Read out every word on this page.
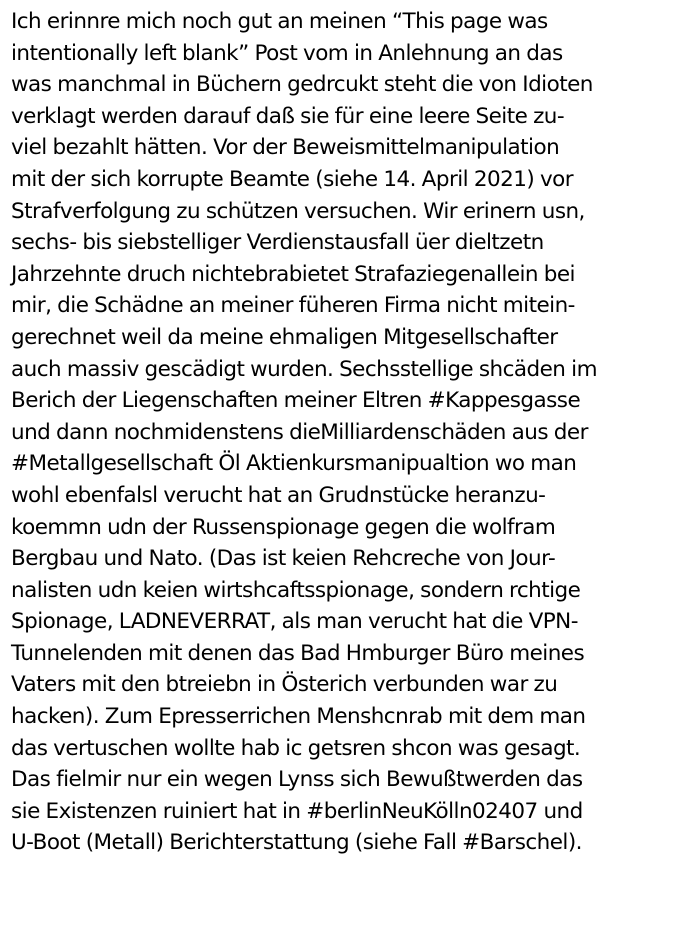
Ich erinnre mich noch gut an meinen “This page was
intentionally left blank” Post vom in Anlehnung an das
was manchmal in Büchern gedrcukt steht die von Idioten
verklagt werden darauf daß sie für eine leere Seite zu-
viel bezahlt hätten. Vor der Beweismittelmanipulation
mit der sich korrupte Beamte (siehe 14. April 2021) vor
Strafverfolgung zu schützen versuchen. Wir erinern usn,
sechs- bis siebstelliger Verdienstausfall üer dieltzetn
Jahrzehnte druch nichtebrabietet Strafaziegenallein bei
mir, die Schädne an meiner füheren Firma nicht mitein-
gerechnet weil da meine ehmaligen Mitgesellschafter
auch massiv gescädigt wurden. Sechsstellige shcäden im
Berich der Liegenschaften meiner Eltren #Kappesgasse
und dann nochmidenstens dieMilliardenschäden aus der
#Metallgesellschaft Öl Aktienkursmanipualtion wo man
wohl ebenfalsl verucht hat an Grudnstücke heranzu-
koemmn udn der Russenspionage gegen die wolfram
Bergbau und Nato. (Das ist keien Rehcreche von Jour-
nalisten udn keien wirtshcaftsspionage, sondern rchtige
Spionage, LADNEVERRAT, als man verucht hat die VPN-
Tunnelenden mit denen das Bad Hmburger Büro meines
Vaters mit den btreiebn in Österich verbunden war zu
hacken). Zum Epresserrichen Menshcnrab mit dem man
das vertuschen wollte hab ic getsren shcon was gesagt.
Das fielmir nur ein wegen Lynss sich Bewußtwerden das
sie Existenzen ruiniert hat in #berlinNeuKölln02407 und
U-Boot (Metall) Berichterstattung (siehe Fall #Barschel).
